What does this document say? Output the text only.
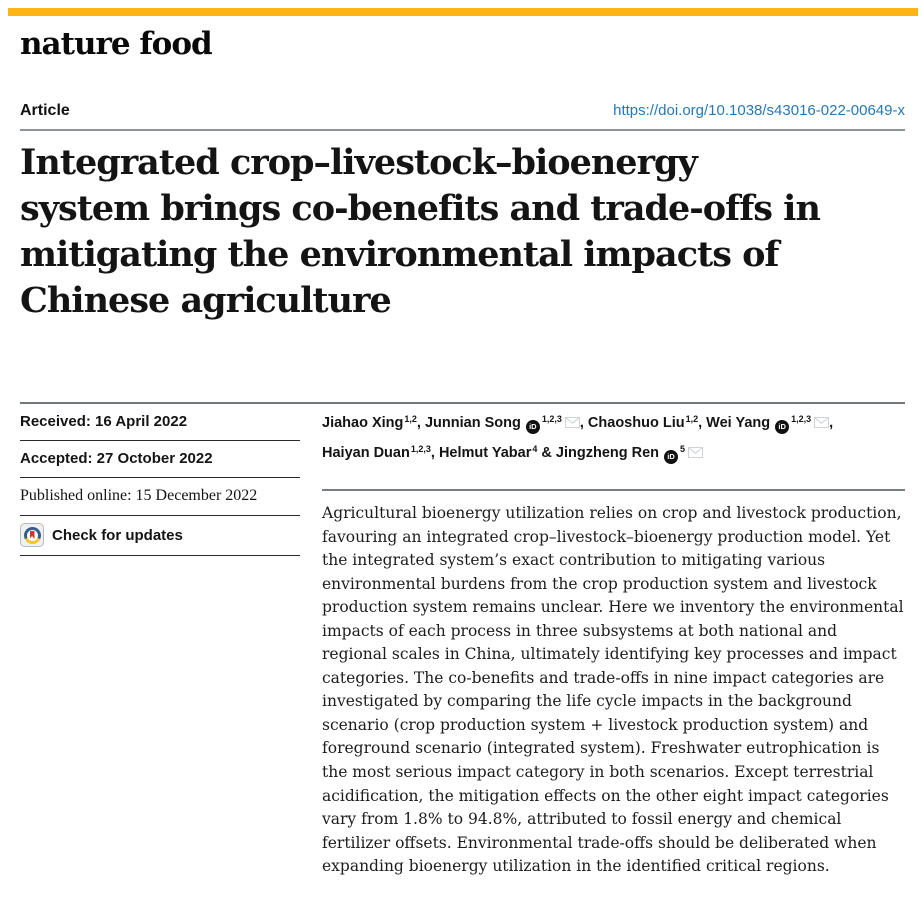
nature food
Article	https://doi.org/10.1038/s43016-022-00649-x
Integrated crop–livestock–bioenergy
system brings co-benefits and trade-offs in
mitigating the environmental impacts of
Chinese agriculture
Received: 16 April 2022
Accepted: 27 October 2022
Published online: 15 December 2022
Check for updates
Jiahao Xing$^{1,2}$, Junnian Song iD
$^{1,2,3}$ , Chaoshuo Liu$^{1,2}$, Wei Yang iD
$^{1,2,3}$ ,
Haiyan Duan$^{1,2,3}$, Helmut Yabar$^4$ & Jingzheng Ren iD
$^5$

Agricultural bioenergy utilization relies on crop and livestock production, favouring an integrated crop–livestock–bioenergy production model. Yet the integrated system’s exact contribution to mitigating various environmental burdens from the crop production system and livestock production system remains unclear. Here we inventory the environmental impacts of each process in three subsystems at both national and regional scales in China, ultimately identifying key processes and impact categories. The co-benefits and trade-offs in nine impact categories are investigated by comparing the life cycle impacts in the background scenario (crop production system + livestock production system) and foreground scenario (integrated system). Freshwater eutrophication is the most serious impact category in both scenarios. Except terrestrial acidification, the mitigation effects on the other eight impact categories vary from 1.8% to 94.8%, attributed to fossil energy and chemical fertilizer offsets. Environmental trade-offs should be deliberated when expanding bioenergy utilization in the identified critical regions.
